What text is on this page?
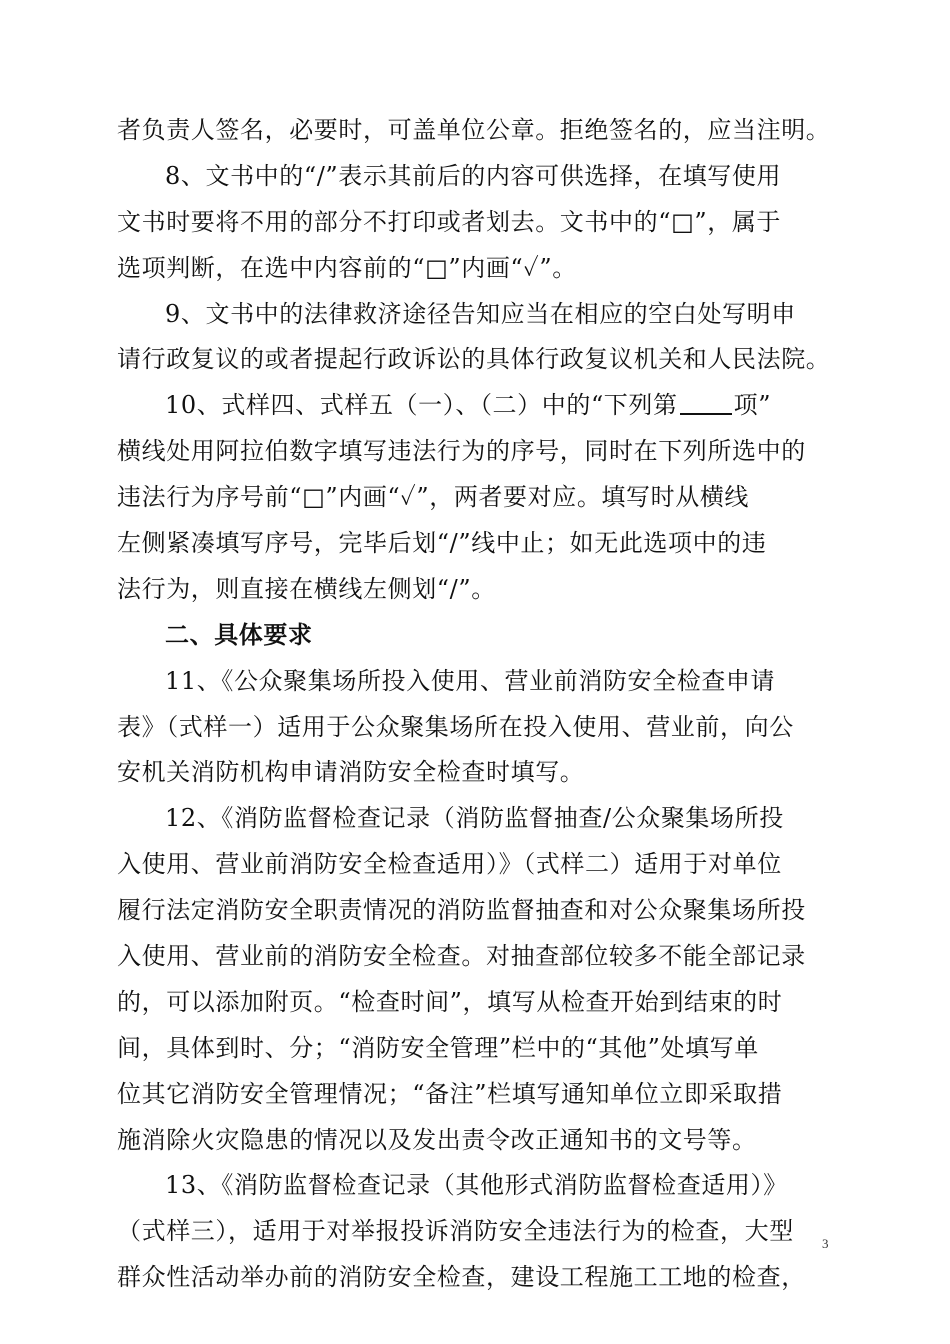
者负责人签名，必要时，可盖单位公章。拒绝签名的，应当注明。
8、文书中的“/”表示其前后的内容可供选择，在填写使用
文书时要将不用的部分不打印或者划去。文书中的“□”，属于
选项判断，在选中内容前的“□”内画“✓”。
9、文书中的法律救济途径告知应当在相应的空白处写明申
请行政复议的或者提起行政诉讼的具体行政复议机关和人民法院。
10、式样四、式样五（一）、（二）中的“下列第 项”
横线处用阿拉伯数字填写违法行为的序号，同时在下列所选中的
违法行为序号前“□”内画“✓”，两者要对应。填写时从横线
左侧紧凑填写序号，完毕后划“/”线中止；如无此选项中的违
法行为，则直接在横线左侧划“/”。
二、具体要求
11、《公众聚集场所投入使用、营业前消防安全检查申请
表》（式样一）适用于公众聚集场所在投入使用、营业前，向公
安机关消防机构申请消防安全检查时填写。
12、《消防监督检查记录（消防监督抽查/公众聚集场所投
入使用、营业前消防安全检查适用）》（式样二）适用于对单位
履行法定消防安全职责情况的消防监督抽查和对公众聚集场所投
入使用、营业前的消防安全检查。对抽查部位较多不能全部记录
的，可以添加附页。“检查时间”，填写从检查开始到结束的时
间，具体到时、分；“消防安全管理”栏中的“其他”处填写单
位其它消防安全管理情况；“备注”栏填写通知单位立即采取措
施消除火灾隐患的情况以及发出责令改正通知书的文号等。
13、《消防监督检查记录（其他形式消防监督检查适用）》
（式样三），适用于对举报投诉消防安全违法行为的检查，大型
群众性活动举办前的消防安全检查，建设工程施工工地的检查，
3
